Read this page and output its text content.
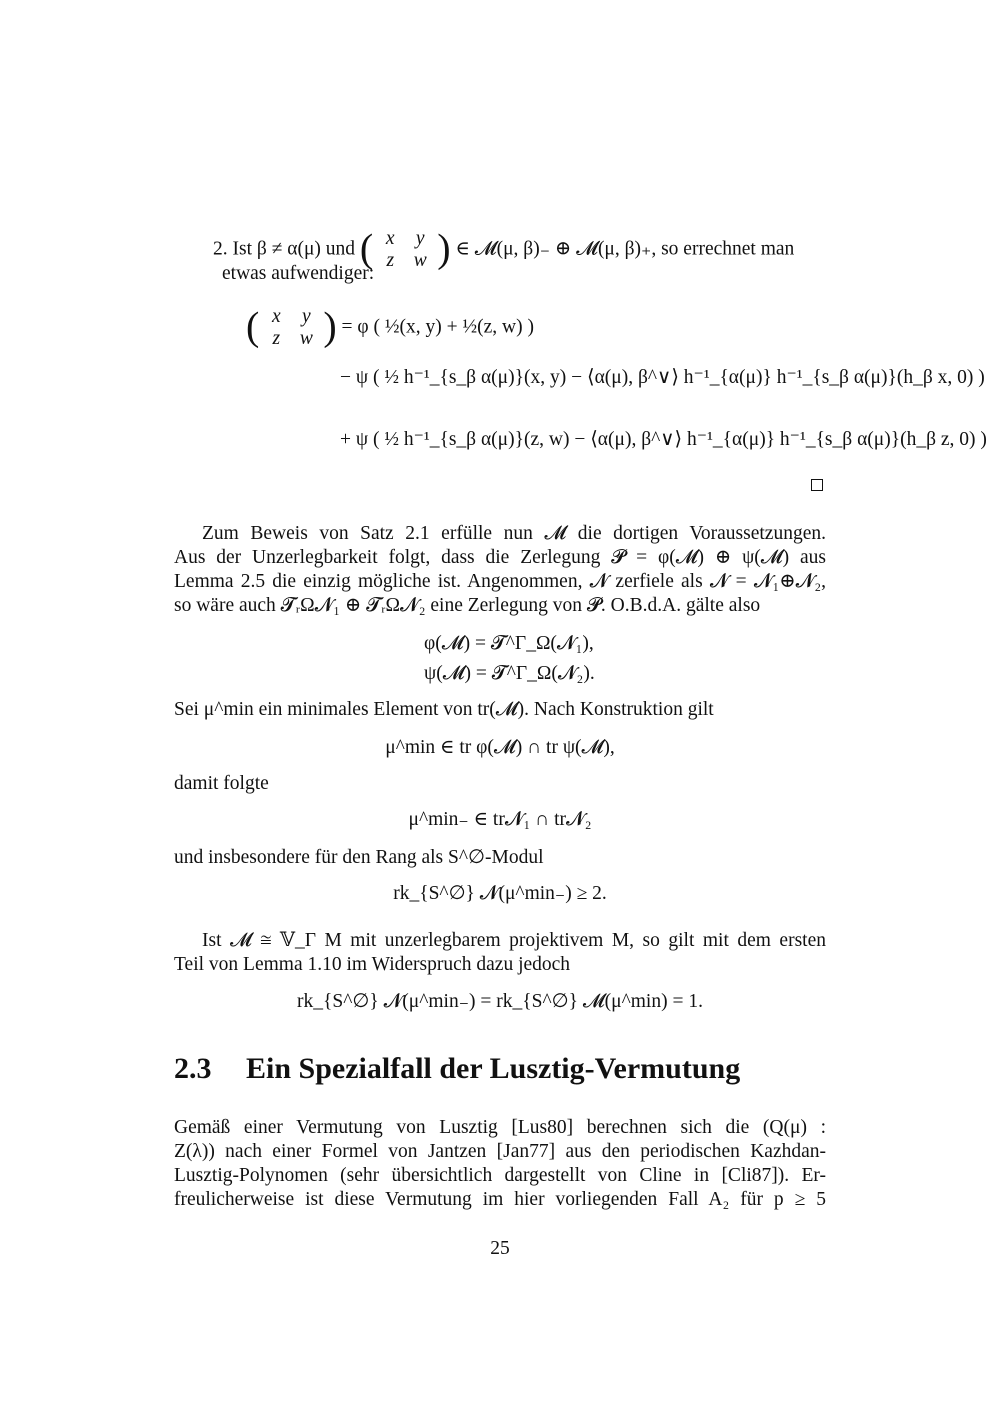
2. Ist β ≠ α(μ) und ( x y
z w ) ∈ 𝓜(μ, β)₋ ⊕ 𝓜(μ, β)₊, so errechnet man
etwas aufwendiger:
( x y
z w ) = φ ( ½(x, y) + ½(z, w) )
− ψ ( ½ h⁻¹_{s_β α(μ)}(x, y) − ⟨α(μ), β^∨⟩ h⁻¹_{α(μ)} h⁻¹_{s_β α(μ)}(h_β x, 0) )
+ ψ ( ½ h⁻¹_{s_β α(μ)}(z, w) − ⟨α(μ), β^∨⟩ h⁻¹_{α(μ)} h⁻¹_{s_β α(μ)}(h_β z, 0) )
Zum Beweis von Satz 2.1 erfülle nun 𝓜 die dortigen Voraussetzungen.
Aus der Unzerlegbarkeit folgt, dass die Zerlegung 𝓟 = φ(𝓜) ⊕ ψ(𝓜) aus
Lemma 2.5 die einzig mögliche ist. Angenommen, 𝓝 zerfiele als 𝓝 = 𝓝₁⊕𝓝₂,
so wäre auch 𝓣ᵣΩ𝓝₁ ⊕ 𝓣ᵣΩ𝓝₂ eine Zerlegung von 𝓟. O.B.d.A. gälte also
φ(𝓜) = 𝓣^Γ_Ω(𝓝₁),
ψ(𝓜) = 𝓣^Γ_Ω(𝓝₂).
Sei μ^min ein minimales Element von tr(𝓜). Nach Konstruktion gilt
μ^min ∈ tr φ(𝓜) ∩ tr ψ(𝓜),
damit folgte
μ^min₋ ∈ tr𝓝₁ ∩ tr𝓝₂
und insbesondere für den Rang als S^∅-Modul
rk_{S^∅} 𝓝(μ^min₋) ≥ 2.
Ist 𝓜 ≅ 𝕍_Γ M mit unzerlegbarem projektivem M, so gilt mit dem ersten
Teil von Lemma 1.10 im Widerspruch dazu jedoch
rk_{S^∅} 𝓝(μ^min₋) = rk_{S^∅} 𝓜(μ^min) = 1.
2.3 Ein Spezialfall der Lusztig-Vermutung
Gemäß einer Vermutung von Lusztig [Lus80] berechnen sich die (Q(μ) :
Z(λ)) nach einer Formel von Jantzen [Jan77] aus den periodischen Kazhdan-
Lusztig-Polynomen (sehr übersichtlich dargestellt von Cline in [Cli87]). Er-
freulicherweise ist diese Vermutung im hier vorliegenden Fall A₂ für p ≥ 5
25
